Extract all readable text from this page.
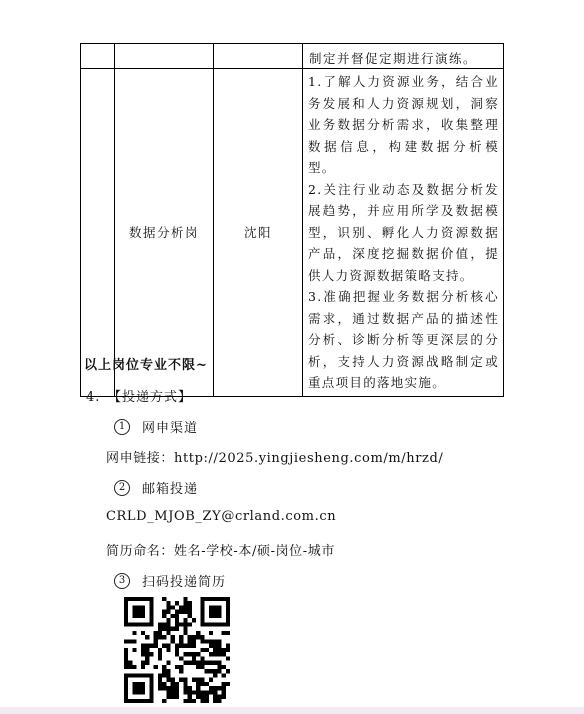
			制定并督促定期进行演练。

	数据分析岗	沈阳	1.了解人力资源业务，结合业务发展和人力资源规划，洞察业务数据分析需求，收集整理数据信息，构建数据分析模型。

2.关注行业动态及数据分析发展趋势，并应用所学及数据模型，识别、孵化人力资源数据产品，深度挖掘数据价值，提供人力资源数据策略支持。

3.准确把握业务数据分析核心需求，通过数据产品的描述性分析、诊断分析等更深层的分析，支持人力资源战略制定或重点项目的落地实施。

以上岗位专业不限~
4. 【投递方式】
1	网申渠道
网申链接：http://2025.yingjiesheng.com/m/hrzd/
2	邮箱投递
CRLD_MJOB_ZY@crland.com.cn
简历命名：姓名-学校-本/硕-岗位-城市
3	扫码投递简历
